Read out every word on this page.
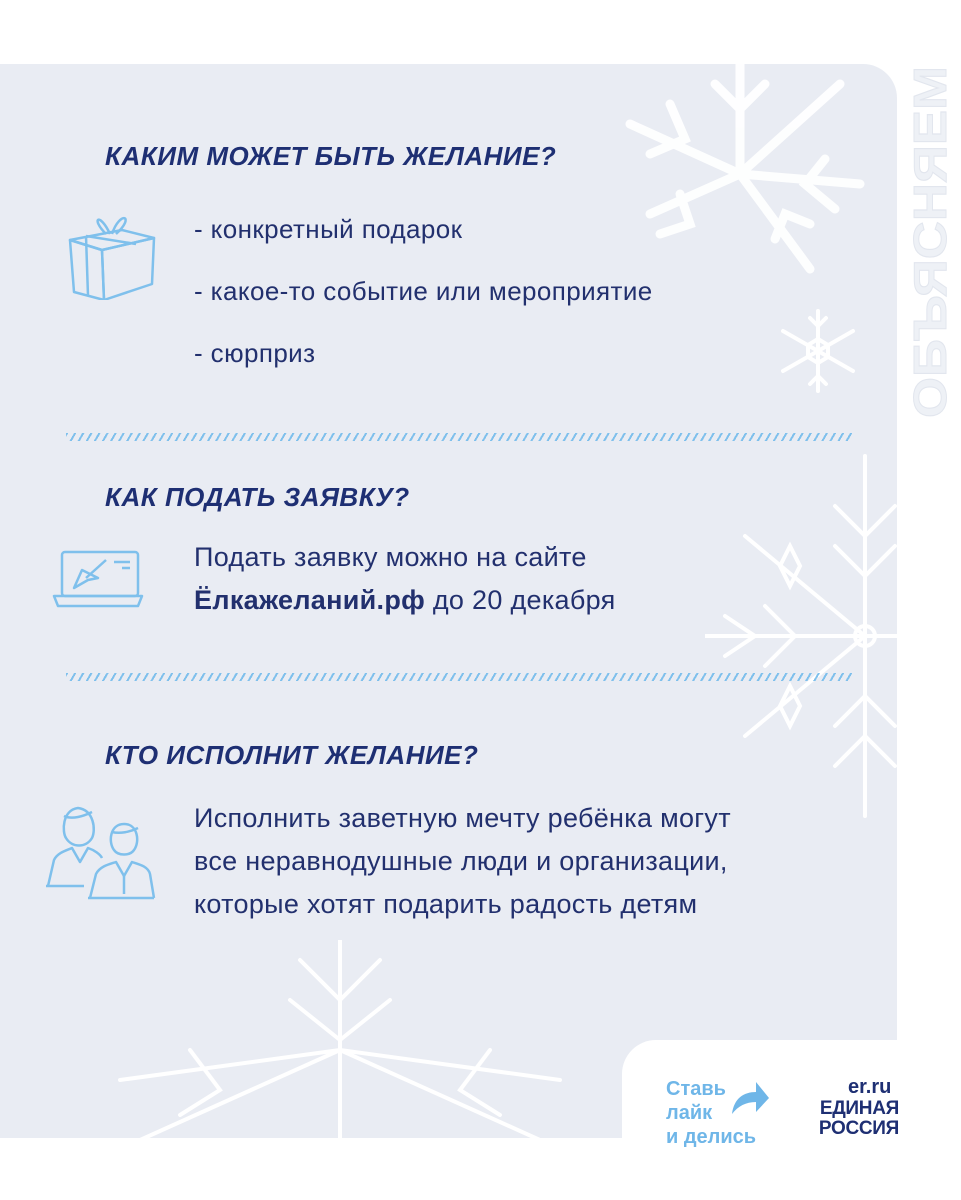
КАКИМ МОЖЕТ БЫТЬ ЖЕЛАНИЕ?
- конкретный подарок
- какое-то событие или мероприятие
- сюрприз
КАК ПОДАТЬ ЗАЯВКУ?
Подать заявку можно на сайте
Ёлкажеланий.рф до 20 декабря
КТО ИСПОЛНИТ ЖЕЛАНИЕ?
Исполнить заветную мечту ребёнка могут
все неравнодушные люди и организации,
которые хотят подарить радость детям
ОБЪЯСНЯЕМ
Ставь
лайк
и делись
er.ru
ЕДИНАЯ
РОССИЯ
